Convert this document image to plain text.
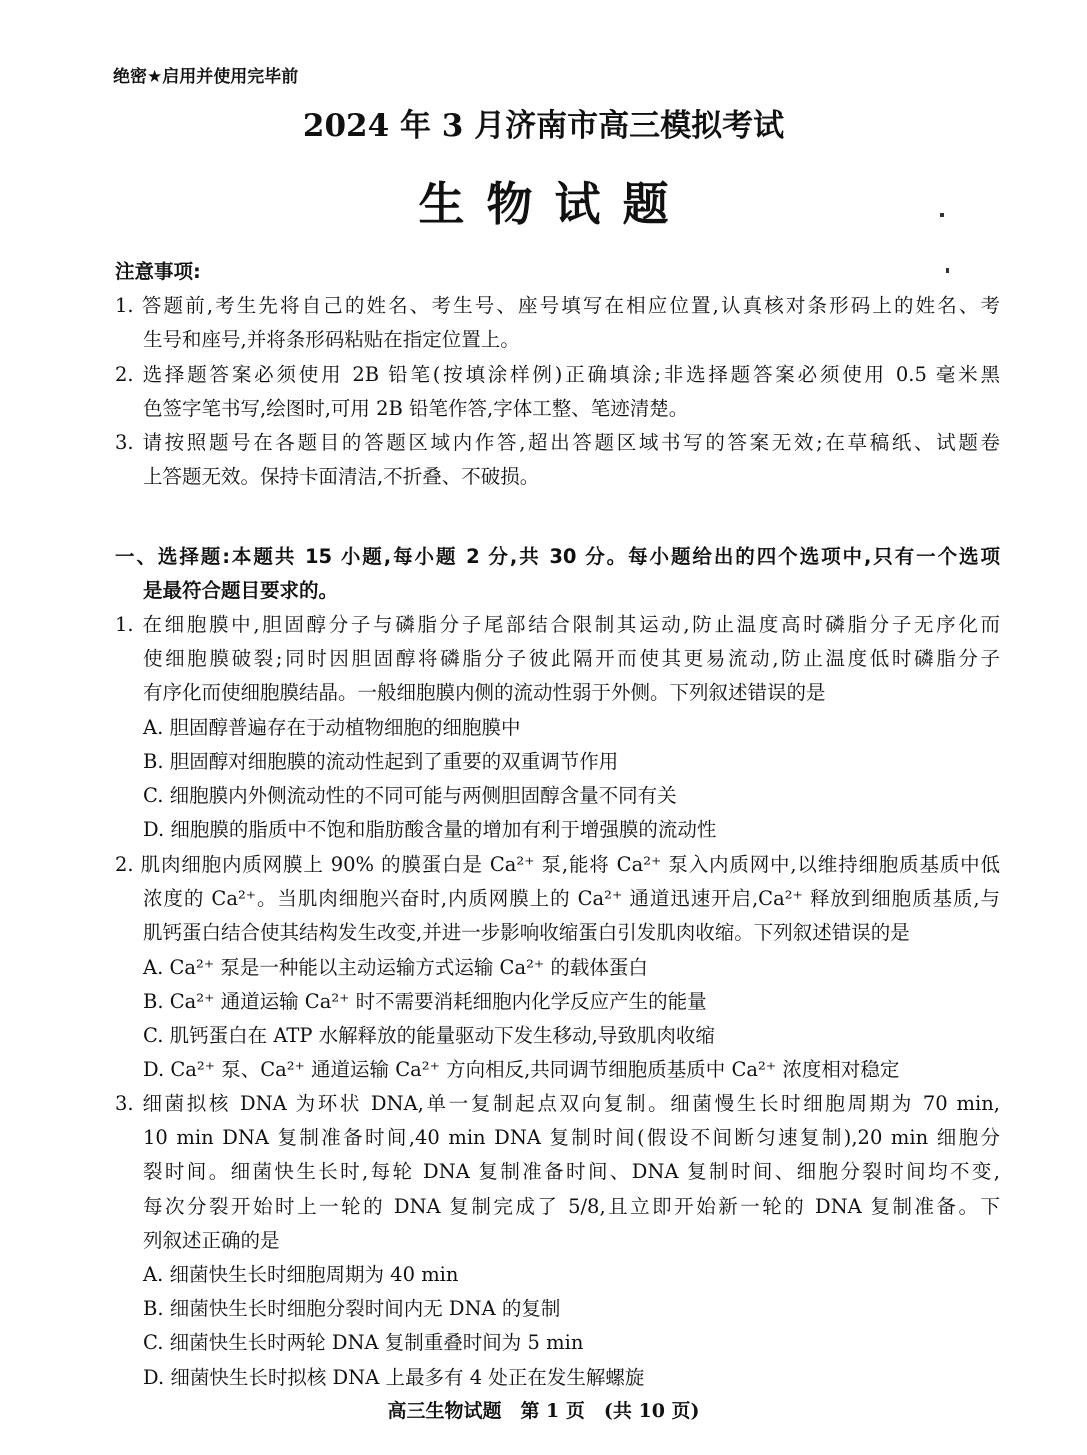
绝密★启用并使用完毕前
2024 年 3 月济南市高三模拟考试
生物试题
注意事项:
1. 答题前,考生先将自己的姓名、考生号、座号填写在相应位置,认真核对条形码上的姓名、考
生号和座号,并将条形码粘贴在指定位置上。
2. 选择题答案必须使用 2B 铅笔(按填涂样例)正确填涂;非选择题答案必须使用 0.5 毫米黑
色签字笔书写,绘图时,可用 2B 铅笔作答,字体工整、笔迹清楚。
3. 请按照题号在各题目的答题区域内作答,超出答题区域书写的答案无效;在草稿纸、试题卷
上答题无效。保持卡面清洁,不折叠、不破损。
一、选择题:本题共 15 小题,每小题 2 分,共 30 分。每小题给出的四个选项中,只有一个选项
是最符合题目要求的。
1. 在细胞膜中,胆固醇分子与磷脂分子尾部结合限制其运动,防止温度高时磷脂分子无序化而
使细胞膜破裂;同时因胆固醇将磷脂分子彼此隔开而使其更易流动,防止温度低时磷脂分子
有序化而使细胞膜结晶。一般细胞膜内侧的流动性弱于外侧。下列叙述错误的是
A. 胆固醇普遍存在于动植物细胞的细胞膜中
B. 胆固醇对细胞膜的流动性起到了重要的双重调节作用
C. 细胞膜内外侧流动性的不同可能与两侧胆固醇含量不同有关
D. 细胞膜的脂质中不饱和脂肪酸含量的增加有利于增强膜的流动性
2. 肌肉细胞内质网膜上 90% 的膜蛋白是 Ca²⁺ 泵,能将 Ca²⁺ 泵入内质网中,以维持细胞质基质中低
浓度的 Ca²⁺。当肌肉细胞兴奋时,内质网膜上的 Ca²⁺ 通道迅速开启,Ca²⁺ 释放到细胞质基质,与
肌钙蛋白结合使其结构发生改变,并进一步影响收缩蛋白引发肌肉收缩。下列叙述错误的是
A. Ca²⁺ 泵是一种能以主动运输方式运输 Ca²⁺ 的载体蛋白
B. Ca²⁺ 通道运输 Ca²⁺ 时不需要消耗细胞内化学反应产生的能量
C. 肌钙蛋白在 ATP 水解释放的能量驱动下发生移动,导致肌肉收缩
D. Ca²⁺ 泵、Ca²⁺ 通道运输 Ca²⁺ 方向相反,共同调节细胞质基质中 Ca²⁺ 浓度相对稳定
3. 细菌拟核 DNA 为环状 DNA,单一复制起点双向复制。细菌慢生长时细胞周期为 70 min,
10 min DNA 复制准备时间,40 min DNA 复制时间(假设不间断匀速复制),20 min 细胞分
裂时间。细菌快生长时,每轮 DNA 复制准备时间、DNA 复制时间、细胞分裂时间均不变,
每次分裂开始时上一轮的 DNA 复制完成了 5/8,且立即开始新一轮的 DNA 复制准备。下
列叙述正确的是
A. 细菌快生长时细胞周期为 40 min
B. 细菌快生长时细胞分裂时间内无 DNA 的复制
C. 细菌快生长时两轮 DNA 复制重叠时间为 5 min
D. 细菌快生长时拟核 DNA 上最多有 4 处正在发生解螺旋
高三生物试题　第 1 页　(共 10 页)
